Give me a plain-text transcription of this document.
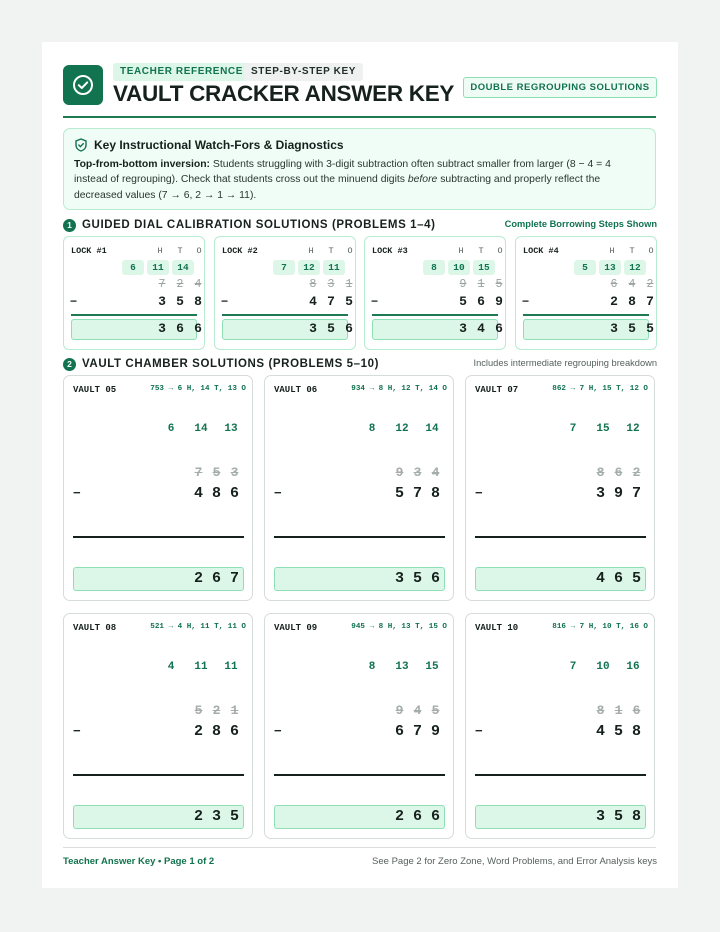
TEACHER REFERENCE STEP-BY-STEP KEY
VAULT CRACKER ANSWER KEY	DOUBLE REGROUPING SOLUTIONS
Key Instructional Watch-Fors & Diagnostics
Top-from-bottom inversion: Students struggling with 3-digit subtraction often subtract smaller from larger (8 − 4 = 4 instead of regrouping). Check that students cross out the minuend digits before subtracting and properly reflect the decreased values (7 → 6, 2 → 1 → 11).
1 GUIDED DIAL CALIBRATION SOLUTIONS (PROBLEMS 1–4)	Complete Borrowing Steps Shown
LOCK #1	H	T	O
6	11	14
7 2 4
−	3 5 8
3 6 6
LOCK #2	H	T	O
7	12	11
8 3 1
−	4 7 5
3 5 6
LOCK #3	H	T	O
8	10	15
9 1 5
−	5 6 9
3 4 6
LOCK #4	H	T	O
5	13	12
6 4 2
−	2 8 7
3 5 5
2 VAULT CHAMBER SOLUTIONS (PROBLEMS 5–10)	Includes intermediate regrouping breakdown
VAULT 05	753 → 6 H, 14 T, 13 O
6	14	13
7 5 3
−	4 8 6
2 6 7
VAULT 06	934 → 8 H, 12 T, 14 O
8	12	14
9 3 4
−	5 7 8
3 5 6
VAULT 07	862 → 7 H, 15 T, 12 O
7	15	12
8 6 2
−	3 9 7
4 6 5
VAULT 08	521 → 4 H, 11 T, 11 O
4	11	11
5 2 1
−	2 8 6
2 3 5
VAULT 09	945 → 8 H, 13 T, 15 O
8	13	15
9 4 5
−	6 7 9
2 6 6
VAULT 10	816 → 7 H, 10 T, 16 O
7	10	16
8 1 6
−	4 5 8
3 5 8
Teacher Answer Key • Page 1 of 2	See Page 2 for Zero Zone, Word Problems, and Error Analysis keys
